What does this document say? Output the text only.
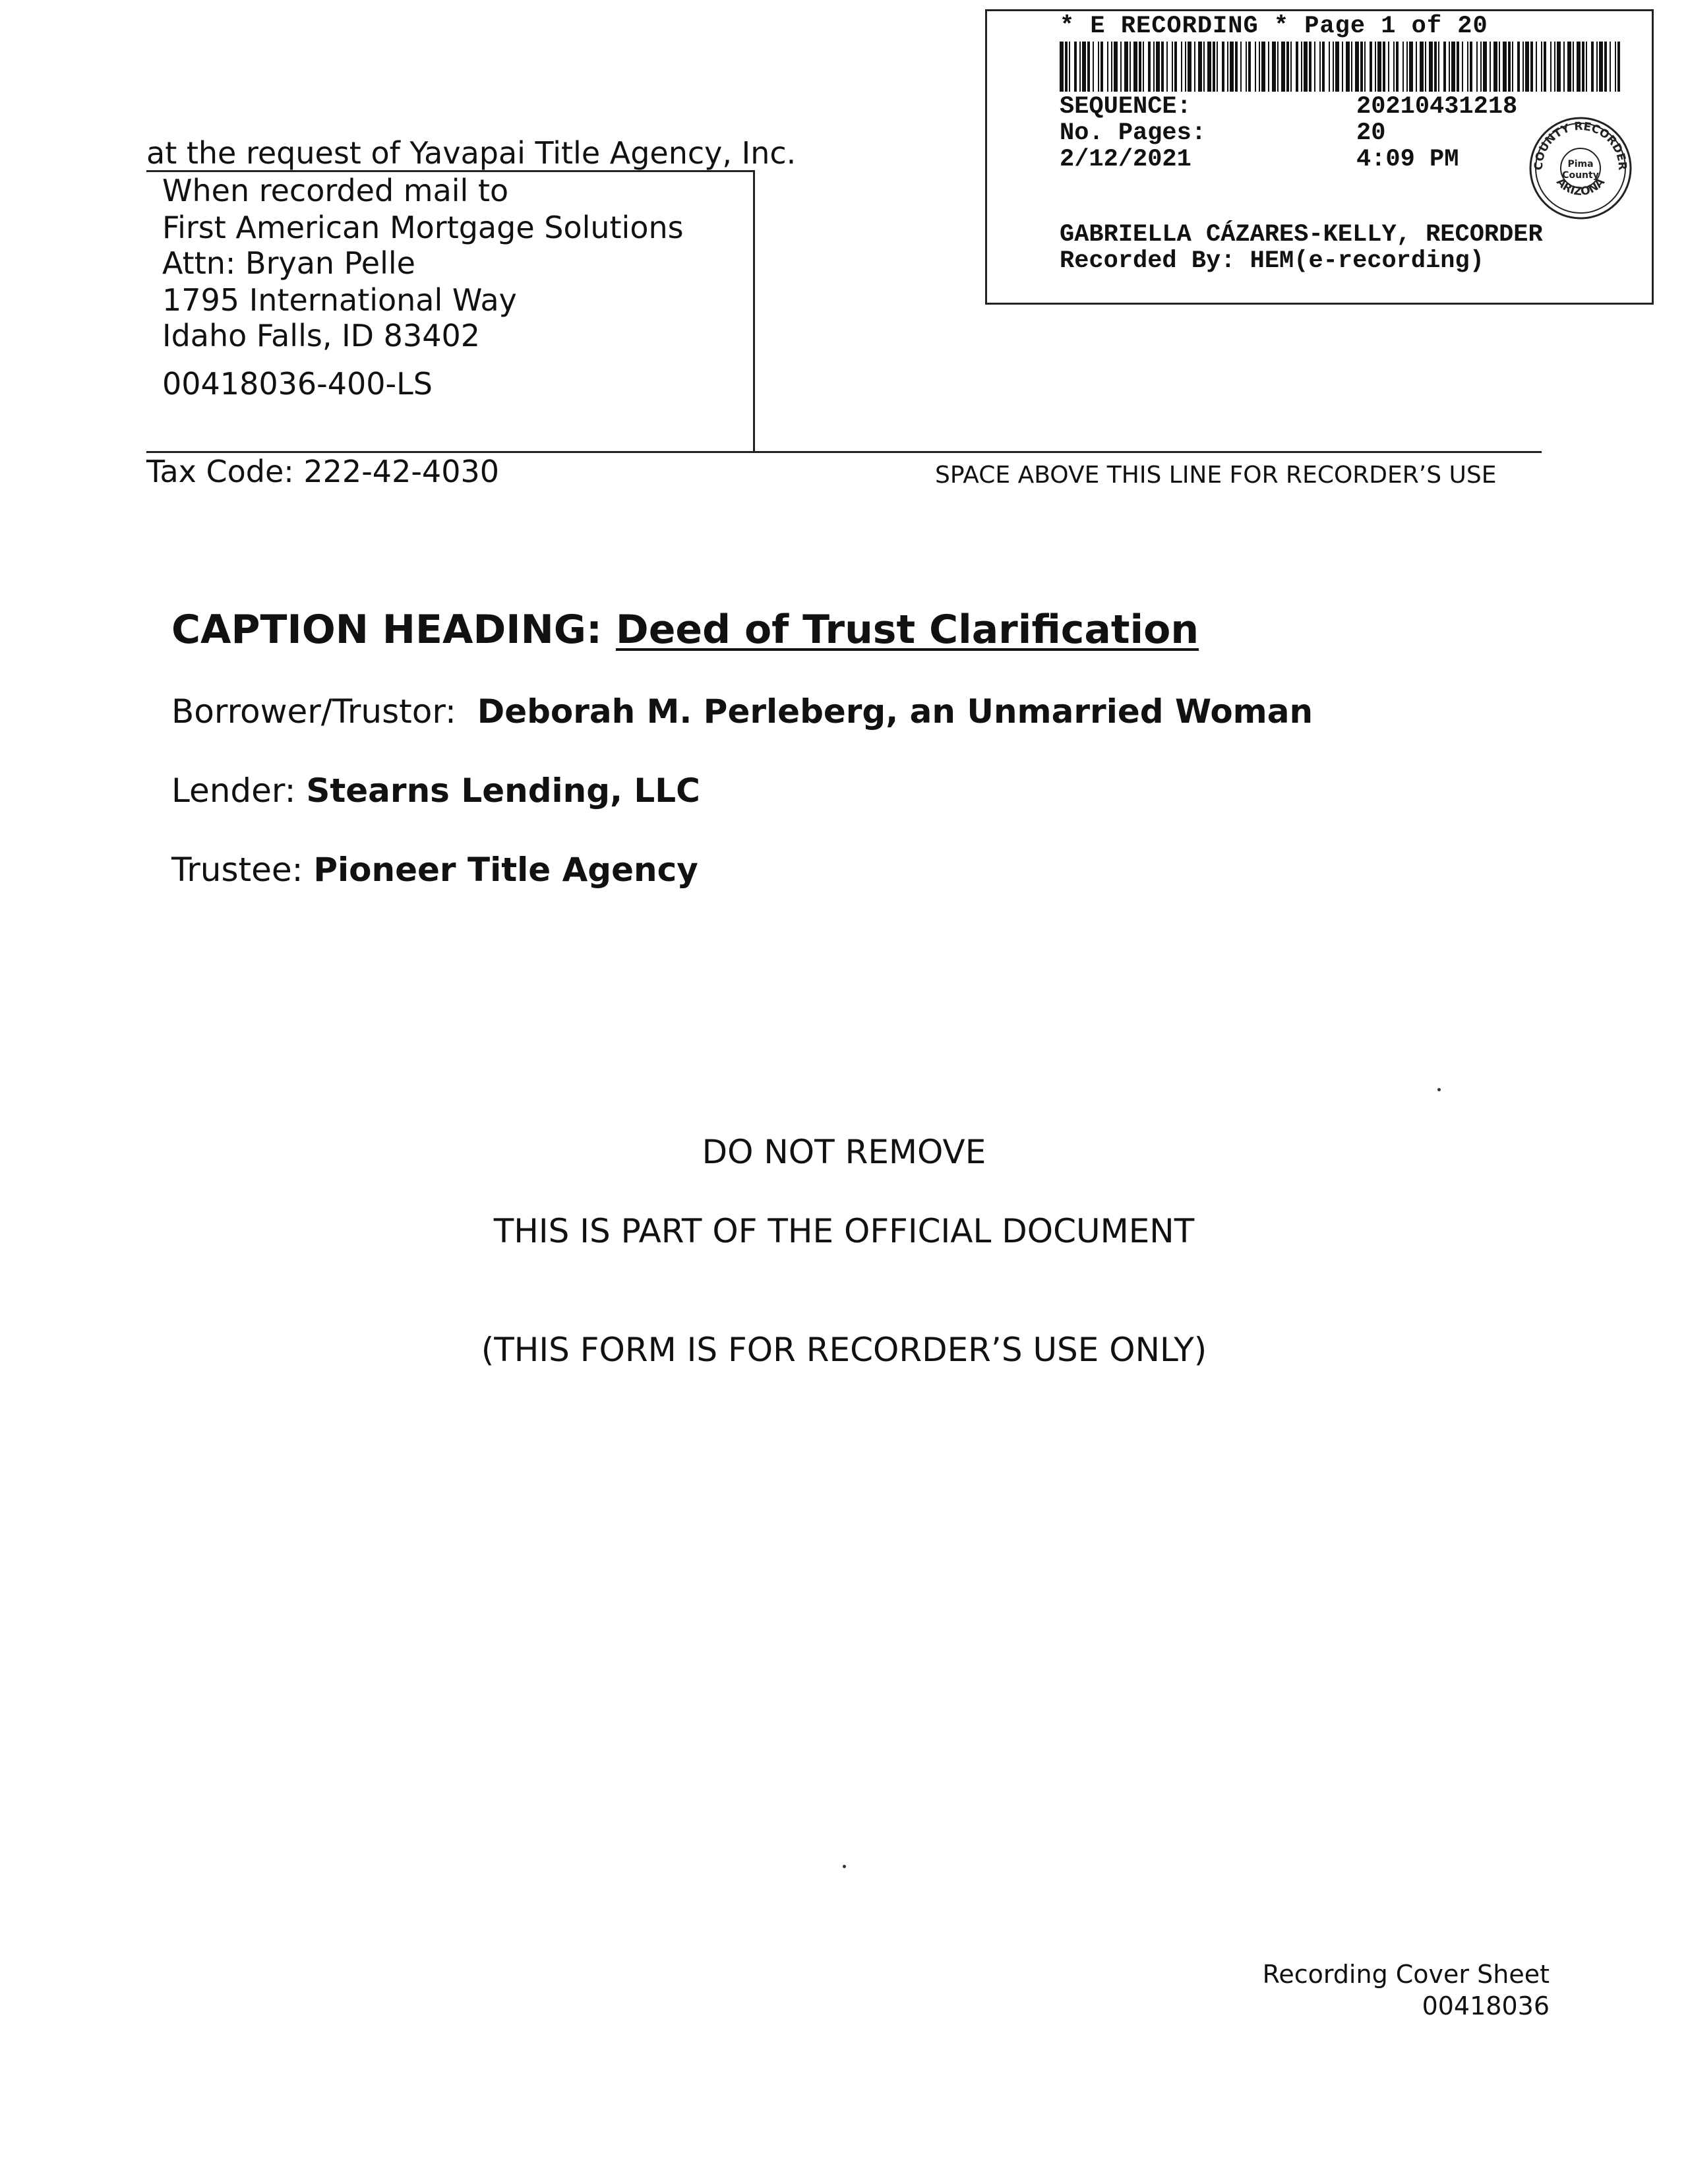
* E RECORDING * Page 1 of 20
SEQUENCE:	20210431218
No. Pages:	20
2/12/2021	4:09 PM
GABRIELLA CÁZARES-KELLY, RECORDER
Recorded By: HEM(e-recording)
COUNTY RECORDER
ARIZONA
Pima
County
at the request of Yavapai Title Agency, Inc.
When recorded mail to
First American Mortgage Solutions
Attn: Bryan Pelle
1795 International Way
Idaho Falls, ID 83402
00418036-400-LS
Tax Code: 222-42-4030	SPACE ABOVE THIS LINE FOR RECORDER’S USE
CAPTION HEADING: Deed of Trust Clarification
Borrower/Trustor: Deborah M. Perleberg, an Unmarried Woman
Lender: Stearns Lending, LLC
Trustee: Pioneer Title Agency
DO NOT REMOVE
THIS IS PART OF THE OFFICIAL DOCUMENT
(THIS FORM IS FOR RECORDER’S USE ONLY)
Recording Cover Sheet
00418036
